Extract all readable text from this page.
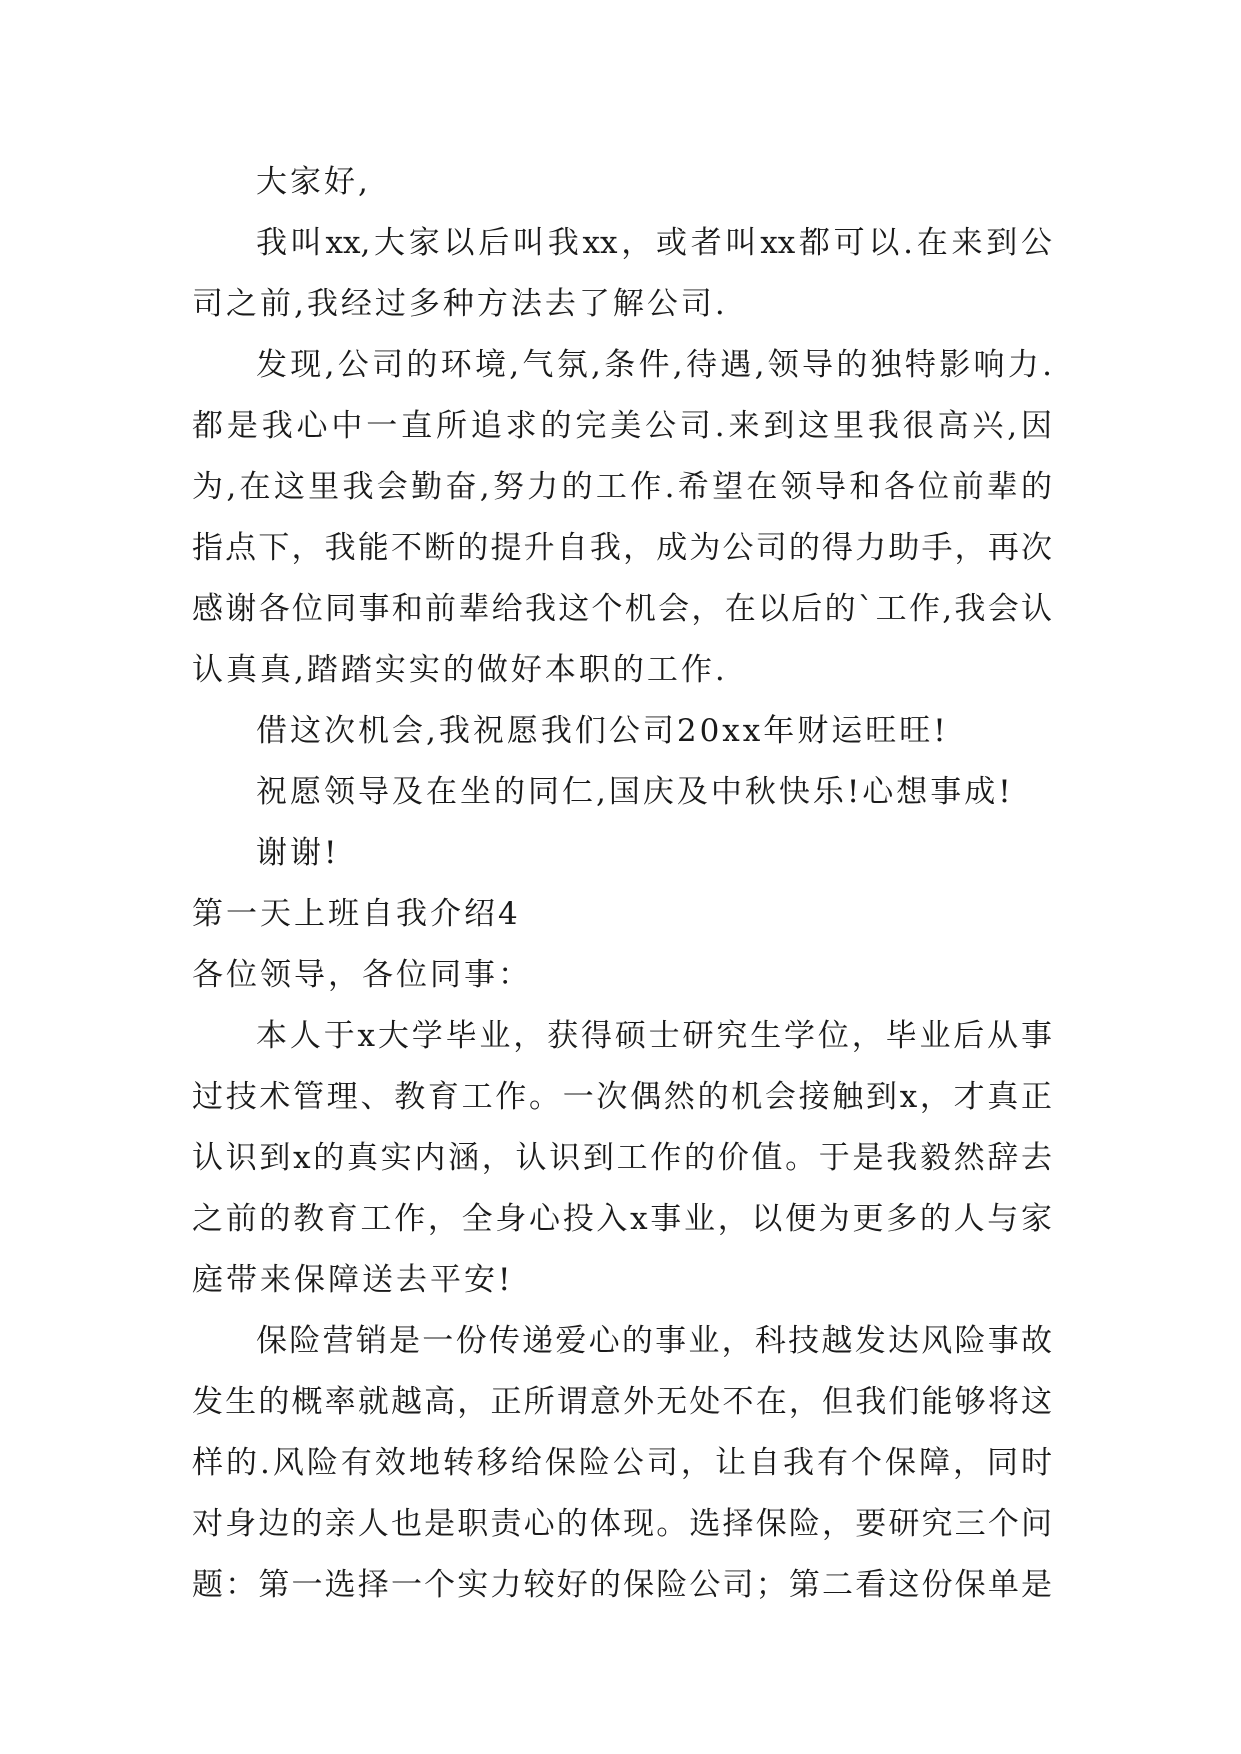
大家好,
我叫xx,大家以后叫我xx，或者叫xx都可以.在来到公
司之前,我经过多种方法去了解公司.
发现,公司的环境,气氛,条件,待遇,领导的独特影响力.
都是我心中一直所追求的完美公司.来到这里我很高兴,因
为,在这里我会勤奋,努力的工作.希望在领导和各位前辈的
指点下，我能不断的提升自我，成为公司的得力助手，再次
感谢各位同事和前辈给我这个机会，在以后的`工作,我会认
认真真,踏踏实实的做好本职的工作.
借这次机会,我祝愿我们公司20xx年财运旺旺!
祝愿领导及在坐的同仁,国庆及中秋快乐!心想事成!
谢谢!
第一天上班自我介绍4
各位领导，各位同事：
本人于x大学毕业，获得硕士研究生学位，毕业后从事
过技术管理、教育工作。一次偶然的机会接触到x，才真正
认识到x的真实内涵，认识到工作的价值。于是我毅然辞去
之前的教育工作，全身心投入x事业，以便为更多的人与家
庭带来保障送去平安!
保险营销是一份传递爱心的事业，科技越发达风险事故
发生的概率就越高，正所谓意外无处不在，但我们能够将这
样的.风险有效地转移给保险公司，让自我有个保障，同时
对身边的亲人也是职责心的体现。选择保险，要研究三个问
题：第一选择一个实力较好的保险公司；第二看这份保单是
